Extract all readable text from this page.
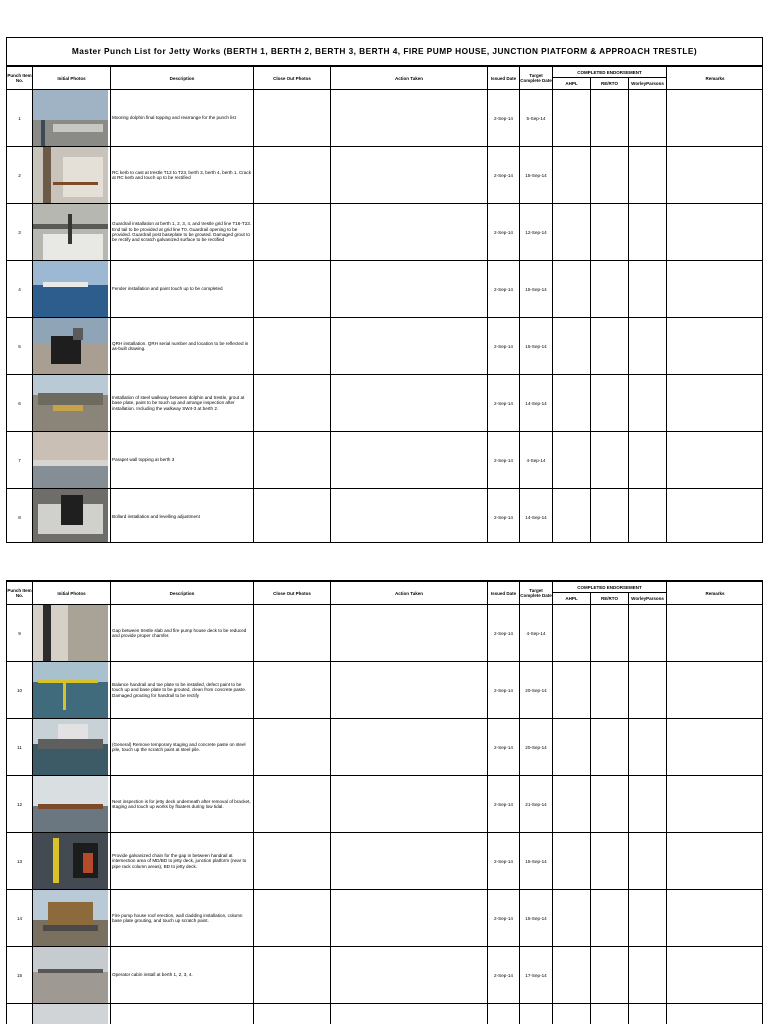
Master Punch List for Jetty Works (BERTH 1, BERTH 2, BERTH 3, BERTH 4, FIRE PUMP HOUSE, JUNCTION PlATFORM & APPROACH TRESTLE)
Punch Item No.	Initial Photos	Description	Close Out Photos	Action Taken	Issued Date	Target Complete Date	COMPLETED ENDORSEMENT			Remarks
							AHPL	RE/RTO	WorleyParsons	
1		Mooring dolphin final topping and rearrange for the punch list			2-Sep-14	5-Sep-14				
2		RC kerb to cast at trestle T12 to T23, berth 3, berth 4, berth 1. Crack at RC kerb and touch up to be rectified			2-Sep-14	15-Sep-14				
3		Guardrail installation at berth 1, 2, 3, 4, and trestle grid line T16-T23. End tail to be provided at grid line T0. Guardrail opening to be provided. Guardrail post baseplate to be grouted. Damaged grout to be rectify and scratch galvanized surface to be rectified			2-Sep-14	12-Sep-14				
4		Fender installation and paint touch up to be completed			2-Sep-14	15-Sep-14				
5		QRH installation. QRH serial number and location to be reflected in as-built drawing.			2-Sep-14	15-Sep-14				
6		Installation of steel walkway between dolphin and trestle, grout at base plate, paint to be touch up and arrange inspection after installation. Including the walkway SW4-3 at berth 2.			2-Sep-14	14-Sep-14				
7		Parapet wall topping at berth 3			2-Sep-14	4-Sep-14				
8		Bollard installation and levelling adjustment			2-Sep-14	14-Sep-14				
Punch Item No.	Initial Photos	Description	Close Out Photos	Action Taken	Issued Date	Target Complete Date	COMPLETED ENDORSEMENT			Remarks
							AHPL	RE/RTO	WorleyParsons	
9		Gap between trestle slab and fire pump house deck to be reduced and provide proper chamfer.			2-Sep-14	4-Sep-14				
10		Balance handrail and toe plate to be installed, defect paint to be touch up and base plate to be grouted, clean from concrete paste. Damaged grouting for handrail to be rectify			2-Sep-14	20-Sep-14				
11		(General) Remove temporary staging and concrete paste on steel pile, touch up the scratch paint at steel pile.			2-Sep-14	20-Sep-14				
12		Next inspection is for jetty deck underneath after removal of bracket, staging and touch up works by floaters during low tidal.			2-Sep-14	21-Sep-14				
13		Provide galvanized chain for the gap in between handrail at intersection area of MD/BD to jetty deck, junction platform (near to pipe rack column areas), BD to jetty deck.			2-Sep-14	15-Sep-14				
14		Fire pump house roof erection, wall cladding installation, column base plate grouting, and touch up scratch paint.			2-Sep-14	15-Sep-14				
15		Operator cabin install at berth 1, 2, 3, 4.			2-Sep-14	17-Sep-14				
